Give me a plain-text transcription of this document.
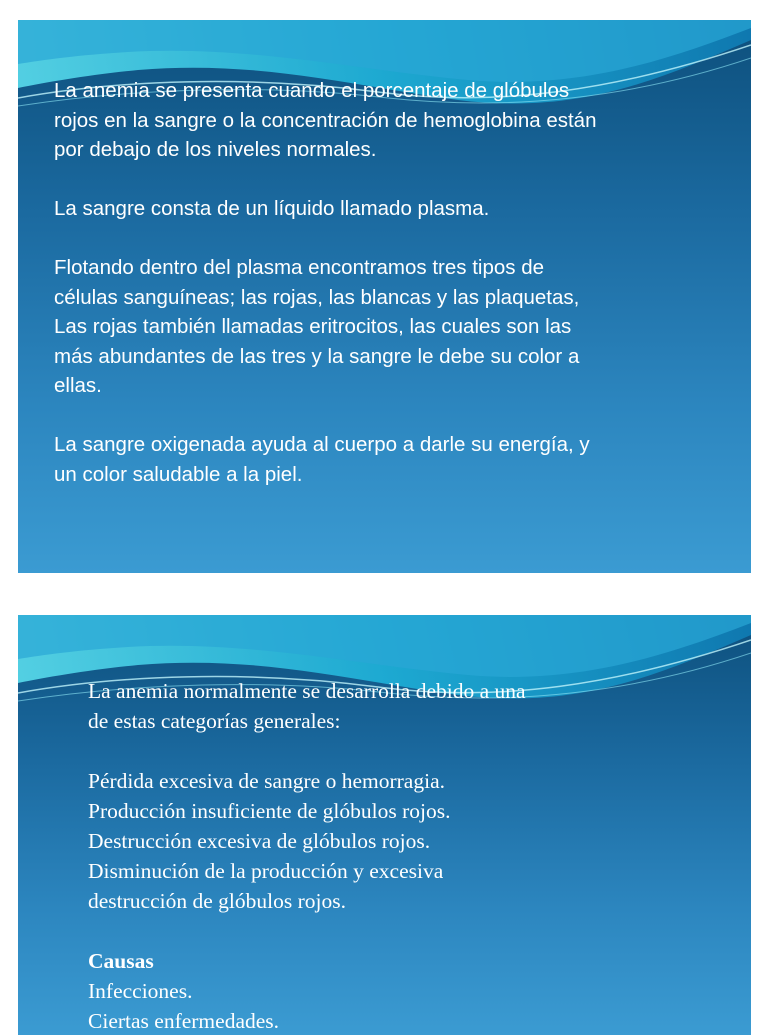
La anemia se presenta cuando el porcentaje de glóbulos
rojos en la sangre o la concentración de hemoglobina están
por debajo de los niveles normales.

La sangre consta de un líquido llamado plasma.

Flotando dentro del plasma encontramos tres tipos de
células sanguíneas; las rojas, las blancas y las plaquetas,
Las rojas también llamadas eritrocitos, las cuales son las
más abundantes de las tres y la sangre le debe su color a
ellas.

La sangre oxigenada ayuda al cuerpo a darle su energía, y
un color saludable a la piel.

La anemia normalmente se desarrolla debido a una
de estas categorías generales:

Pérdida excesiva de sangre o hemorragia.
Producción insuficiente de glóbulos rojos.
Destrucción excesiva de glóbulos rojos.
Disminución de la producción y excesiva
destrucción de glóbulos rojos.

Causas
Infecciones.
Ciertas enfermedades.
